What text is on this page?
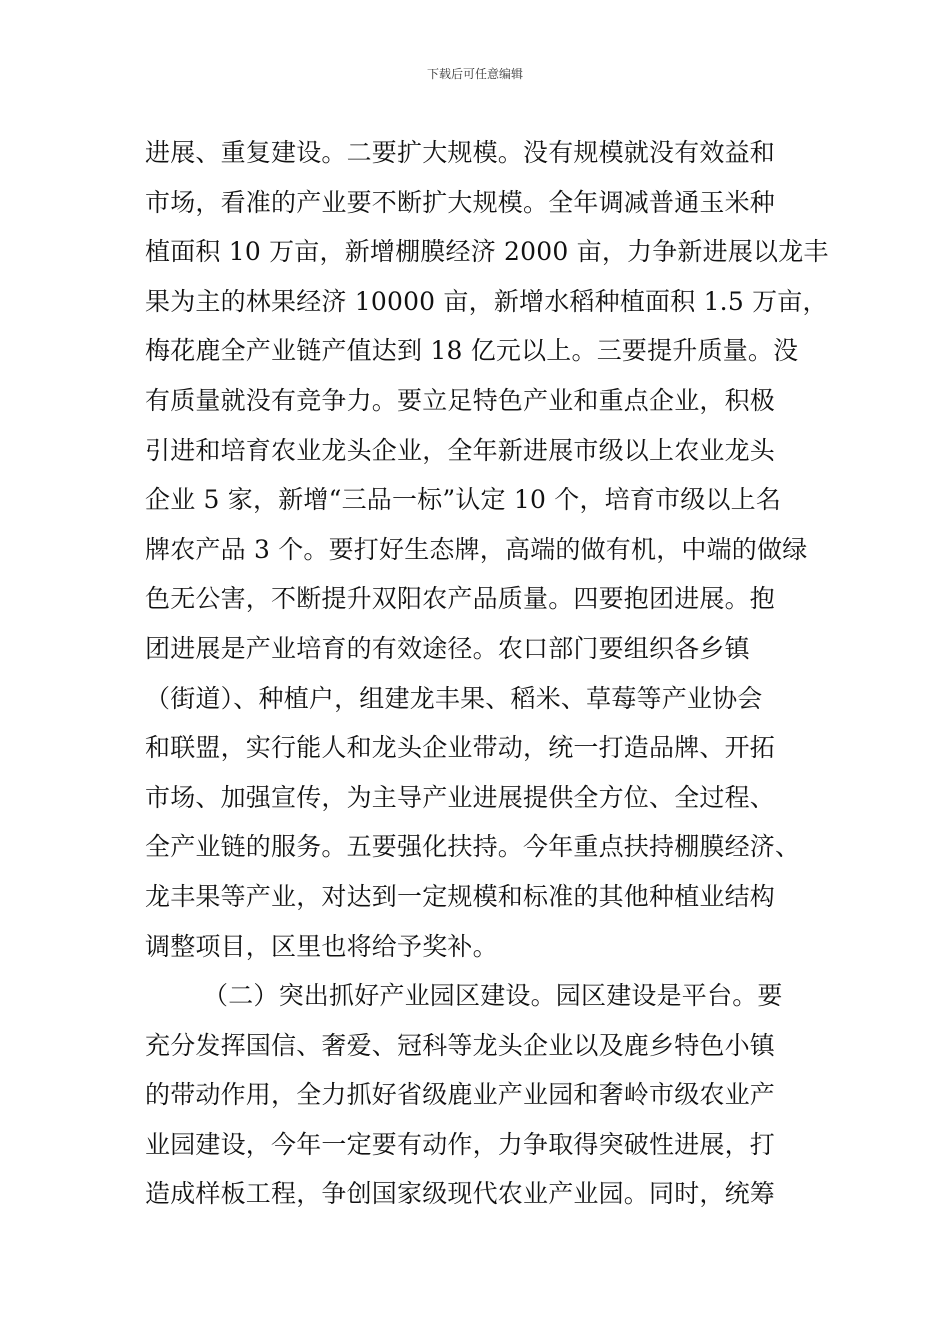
下载后可任意编辑
进展、重复建设。二要扩大规模。没有规模就没有效益和
市场，看准的产业要不断扩大规模。全年调减普通玉米种
植面积 10 万亩，新增棚膜经济 2000 亩，力争新进展以龙丰
果为主的林果经济 10000 亩，新增水稻种植面积 1.5 万亩，
梅花鹿全产业链产值达到 18 亿元以上。三要提升质量。没
有质量就没有竞争力。要立足特色产业和重点企业，积极
引进和培育农业龙头企业，全年新进展市级以上农业龙头
企业 5 家，新增“三品一标”认定 10 个，培育市级以上名
牌农产品 3 个。要打好生态牌，高端的做有机，中端的做绿
色无公害，不断提升双阳农产品质量。四要抱团进展。抱
团进展是产业培育的有效途径。农口部门要组织各乡镇
（街道）、种植户，组建龙丰果、稻米、草莓等产业协会
和联盟，实行能人和龙头企业带动，统一打造品牌、开拓
市场、加强宣传，为主导产业进展提供全方位、全过程、
全产业链的服务。五要强化扶持。今年重点扶持棚膜经济、
龙丰果等产业，对达到一定规模和标准的其他种植业结构
调整项目，区里也将给予奖补。
（二）突出抓好产业园区建设。园区建设是平台。要
充分发挥国信、奢爱、冠科等龙头企业以及鹿乡特色小镇
的带动作用，全力抓好省级鹿业产业园和奢岭市级农业产
业园建设，今年一定要有动作，力争取得突破性进展，打
造成样板工程，争创国家级现代农业产业园。同时，统筹
